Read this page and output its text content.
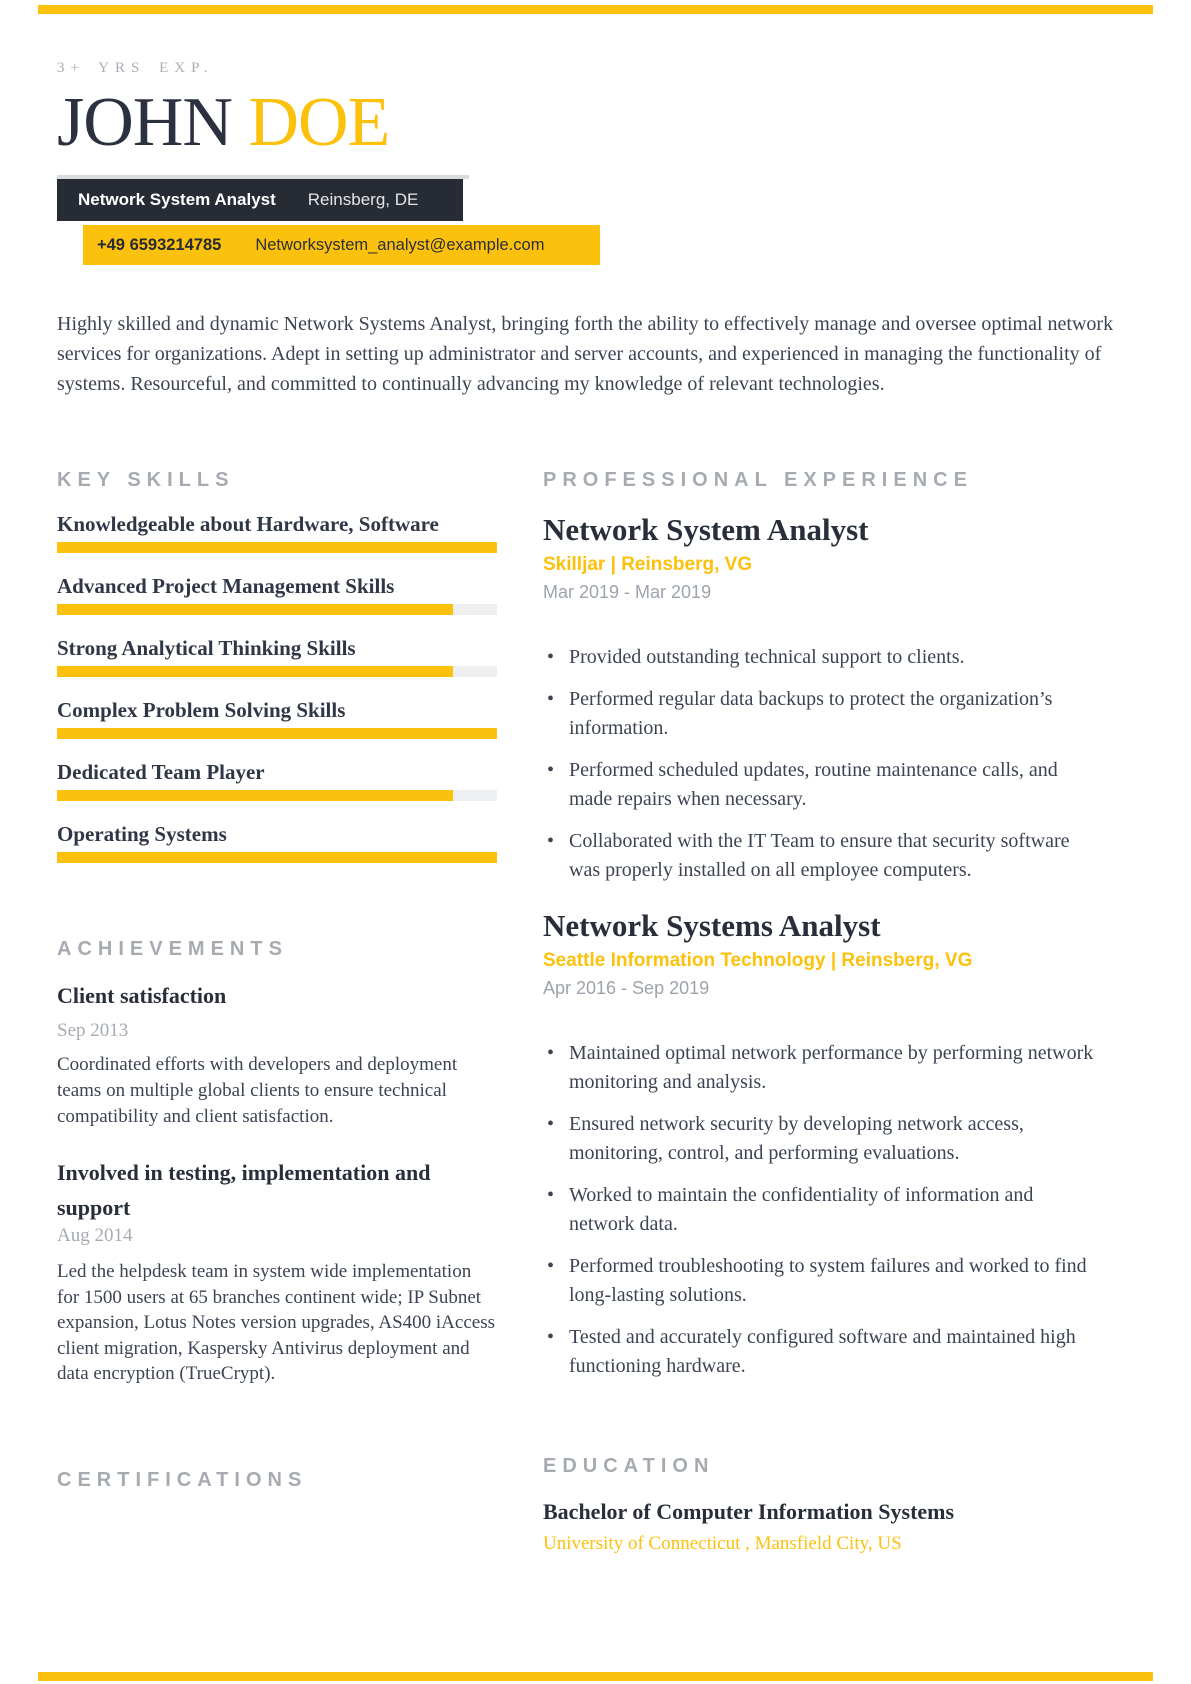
3+ YRS EXP.
JOHN DOE
Network System Analyst Reinsberg, DE
+49 6593214785 Networksystem_analyst@example.com

Highly skilled and dynamic Network Systems Analyst, bringing forth the ability to effectively manage and oversee optimal network services for organizations. Adept in setting up administrator and server accounts, and experienced in managing the functionality of systems. Resourceful, and committed to continually advancing my knowledge of relevant technologies.

KEY SKILLS
Knowledgeable about Hardware, Software
Advanced Project Management Skills
Strong Analytical Thinking Skills
Complex Problem Solving Skills
Dedicated Team Player
Operating Systems
ACHIEVEMENTS
Client satisfaction
Sep 2013

Coordinated efforts with developers and deployment teams on multiple global clients to ensure technical compatibility and client satisfaction.

Involved in testing, implementation and support
Aug 2014

Led the helpdesk team in system wide implementation for 1500 users at 65 branches continent wide; IP Subnet expansion, Lotus Notes version upgrades, AS400 iAccess client migration, Kaspersky Antivirus deployment and data encryption (TrueCrypt).

CERTIFICATIONS
PROFESSIONAL EXPERIENCE
Network System Analyst
Skilljar | Reinsberg, VG
Mar 2019 - Mar 2019
• Provided outstanding technical support to clients.
• Performed regular data backups to protect the organization’s information.
• Performed scheduled updates, routine maintenance calls, and made repairs when necessary.
• Collaborated with the IT Team to ensure that security software was properly installed on all employee computers.
Network Systems Analyst
Seattle Information Technology | Reinsberg, VG
Apr 2016 - Sep 2019
• Maintained optimal network performance by performing network monitoring and analysis.
• Ensured network security by developing network access, monitoring, control, and performing evaluations.
• Worked to maintain the confidentiality of information and network data.
• Performed troubleshooting to system failures and worked to find long-lasting solutions.
• Tested and accurately configured software and maintained high functioning hardware.
EDUCATION
Bachelor of Computer Information Systems
University of Connecticut , Mansfield City, US
